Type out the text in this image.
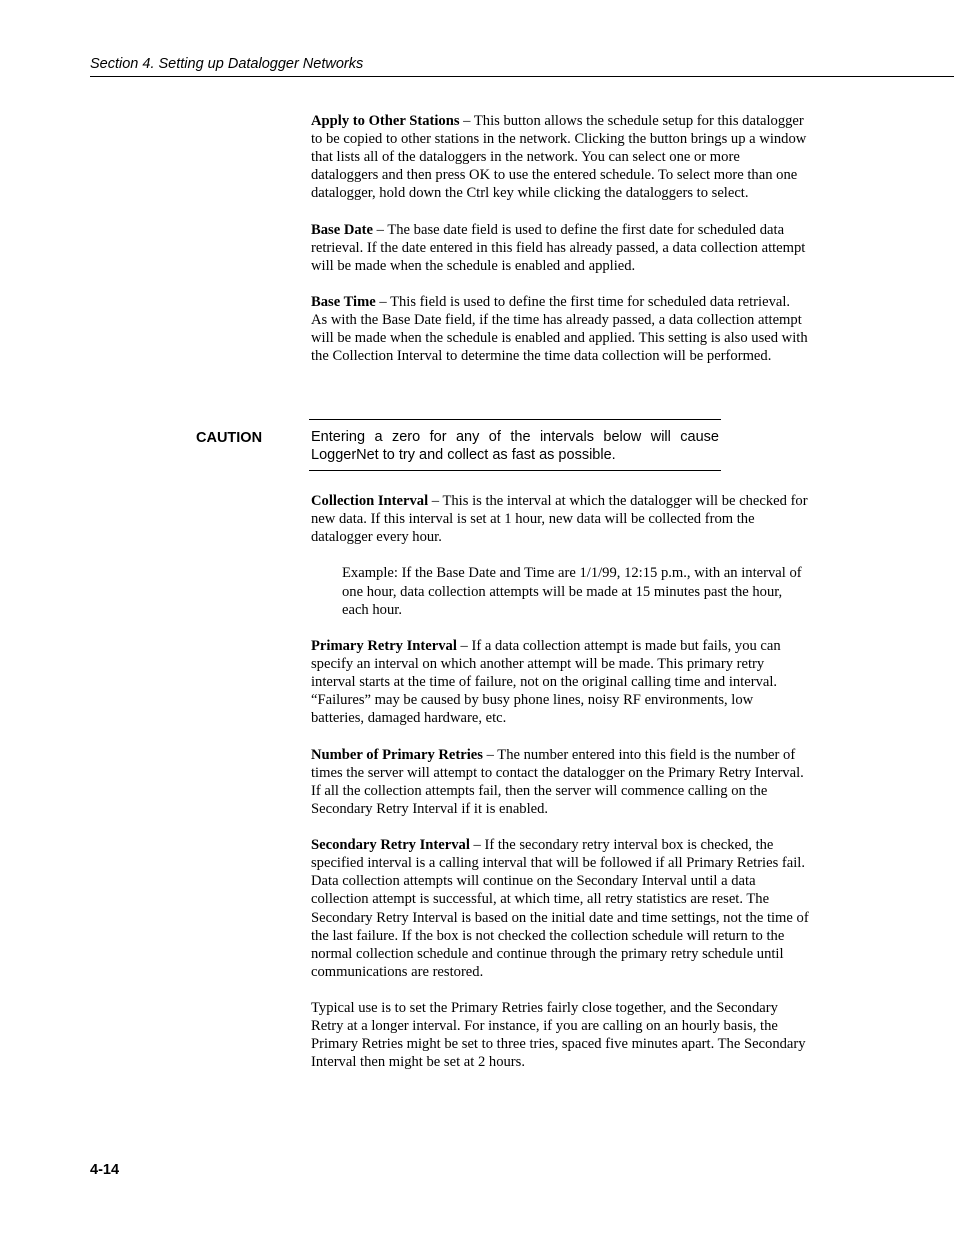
Section 4. Setting up Datalogger Networks

Apply to Other Stations – This button allows the schedule setup for this datalogger to be copied to other stations in the network. Clicking the button brings up a window that lists all of the dataloggers in the network. You can select one or more dataloggers and then press OK to use the entered schedule. To select more than one datalogger, hold down the Ctrl key while clicking the dataloggers to select.

Base Date – The base date field is used to define the first date for scheduled data retrieval. If the date entered in this field has already passed, a data collection attempt will be made when the schedule is enabled and applied.

Base Time – This field is used to define the first time for scheduled data retrieval. As with the Base Date field, if the time has already passed, a data collection attempt will be made when the schedule is enabled and applied. This setting is also used with the Collection Interval to determine the time data collection will be performed.

CAUTION	Entering a zero for any of the intervals below will cause LoggerNet to try and collect as fast as possible.

Collection Interval – This is the interval at which the datalogger will be checked for new data. If this interval is set at 1 hour, new data will be collected from the datalogger every hour.

Example: If the Base Date and Time are 1/1/99, 12:15 p.m., with an interval of one hour, data collection attempts will be made at 15 minutes past the hour, each hour.

Primary Retry Interval – If a data collection attempt is made but fails, you can specify an interval on which another attempt will be made. This primary retry interval starts at the time of failure, not on the original calling time and interval. “Failures” may be caused by busy phone lines, noisy RF environments, low batteries, damaged hardware, etc.

Number of Primary Retries – The number entered into this field is the number of times the server will attempt to contact the datalogger on the Primary Retry Interval. If all the collection attempts fail, then the server will commence calling on the Secondary Retry Interval if it is enabled.

Secondary Retry Interval – If the secondary retry interval box is checked, the specified interval is a calling interval that will be followed if all Primary Retries fail. Data collection attempts will continue on the Secondary Interval until a data collection attempt is successful, at which time, all retry statistics are reset. The Secondary Retry Interval is based on the initial date and time settings, not the time of the last failure. If the box is not checked the collection schedule will return to the normal collection schedule and continue through the primary retry schedule until communications are restored.

Typical use is to set the Primary Retries fairly close together, and the Secondary Retry at a longer interval. For instance, if you are calling on an hourly basis, the Primary Retries might be set to three tries, spaced five minutes apart. The Secondary Interval then might be set at 2 hours.

4-14
